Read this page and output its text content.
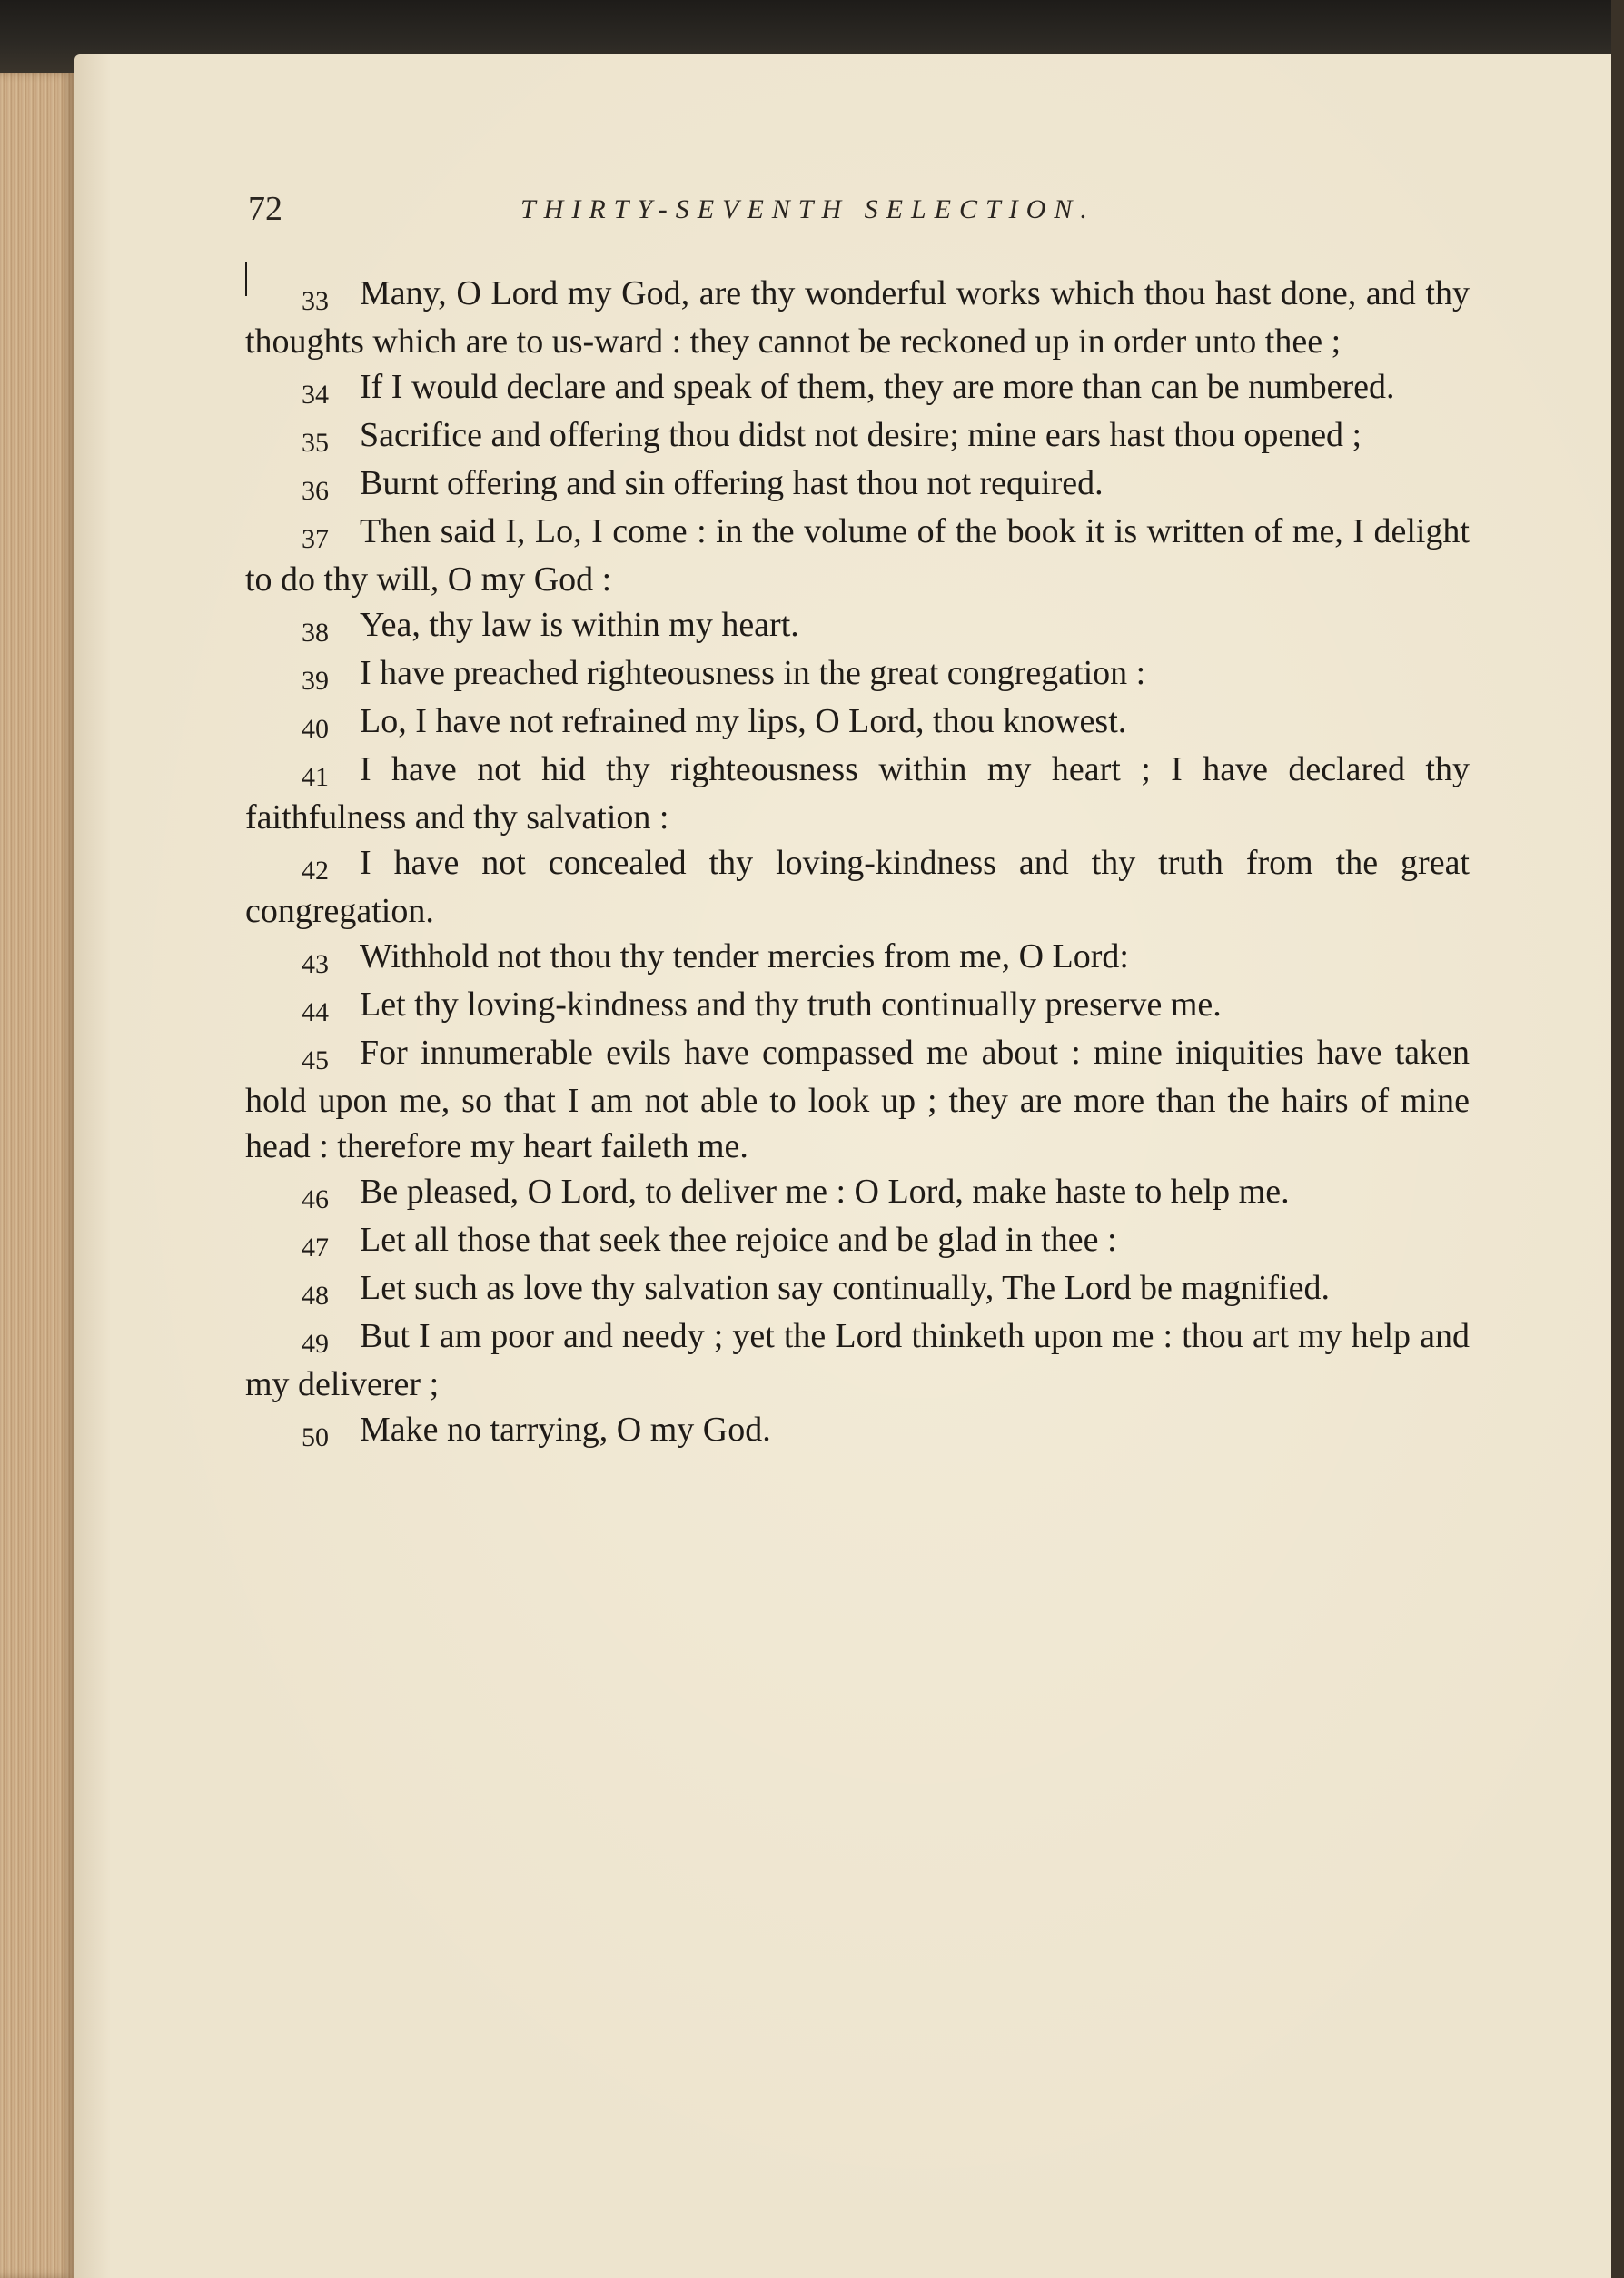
72	THIRTY-SEVENTH SELECTION.

33 Many, O Lord my God, are thy wonderful works which thou hast done, and thy thoughts which are to us-ward : they cannot be reckoned up in order unto thee ;

34 If I would declare and speak of them, they are more than can be numbered.

35 Sacrifice and offering thou didst not desire; mine ears hast thou opened ;

36 Burnt offering and sin offering hast thou not required.

37 Then said I, Lo, I come : in the volume of the book it is written of me, I delight to do thy will, O my God :

38 Yea, thy law is within my heart.

39 I have preached righteousness in the great congregation :

40 Lo, I have not refrained my lips, O Lord, thou knowest.

41 I have not hid thy righteousness within my heart ; I have declared thy faithfulness and thy salvation :

42 I have not concealed thy loving-kindness and thy truth from the great congregation.

43 Withhold not thou thy tender mercies from me, O Lord:

44 Let thy loving-kindness and thy truth continually preserve me.

45 For innumerable evils have compassed me about : mine iniquities have taken hold upon me, so that I am not able to look up ; they are more than the hairs of mine head : therefore my heart faileth me.

46 Be pleased, O Lord, to deliver me : O Lord, make haste to help me.

47 Let all those that seek thee rejoice and be glad in thee :

48 Let such as love thy salvation say continually, The Lord be magnified.

49 But I am poor and needy ; yet the Lord thinketh upon me : thou art my help and my deliverer ;

50 Make no tarrying, O my God.
